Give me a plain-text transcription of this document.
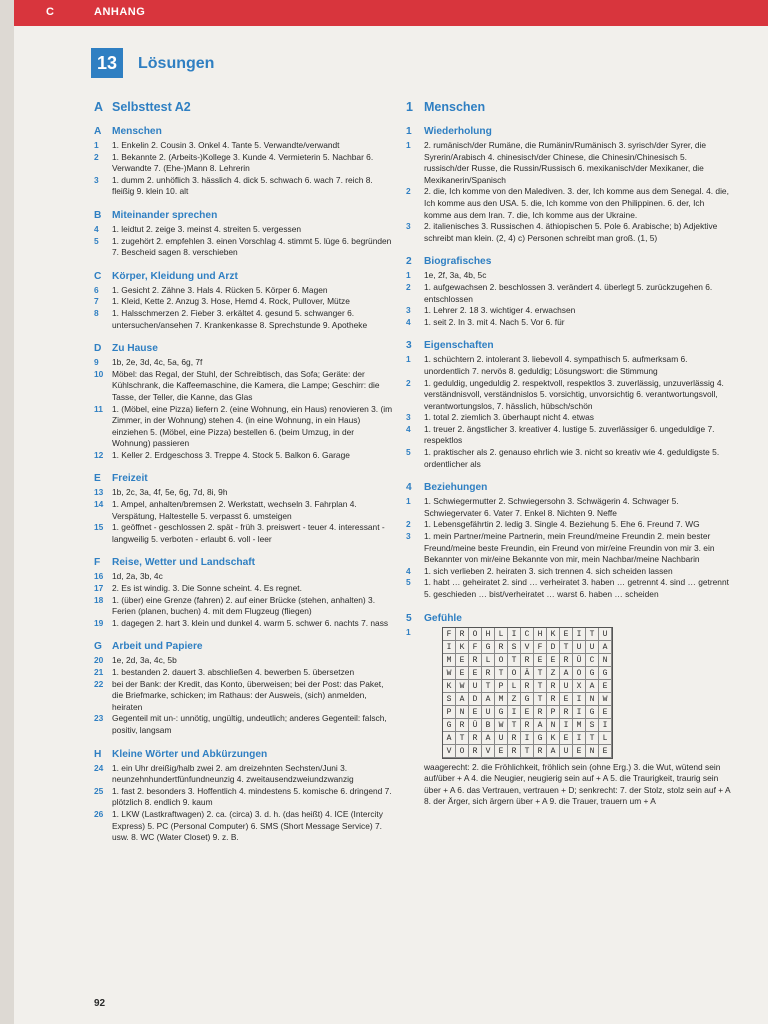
C	ANHANG
13	Lösungen
A Selbsttest A2
A Menschen
1 1. Enkelin 2. Cousin 3. Onkel 4. Tante 5. Verwandte/verwandt
2 1. Bekannte 2. (Arbeits-)Kollege 3. Kunde 4. Vermieterin 5. Nachbar 6. Verwandte 7. (Ehe-)Mann 8. Lehrerin
3 1. dumm 2. unhöflich 3. hässlich 4. dick 5. schwach 6. wach 7. reich 8. fleißig 9. klein 10. alt
B Miteinander sprechen
4 1. leidtut 2. zeige 3. meinst 4. streiten 5. vergessen
5 1. zugehört 2. empfehlen 3. einen Vorschlag 4. stimmt 5. lüge 6. begründen 7. Bescheid sagen 8. verschieben
C Körper, Kleidung und Arzt
6 1. Gesicht 2. Zähne 3. Hals 4. Rücken 5. Körper 6. Magen
7 1. Kleid, Kette 2. Anzug 3. Hose, Hemd 4. Rock, Pullover, Mütze
8 1. Halsschmerzen 2. Fieber 3. erkältet 4. gesund 5. schwanger 6. untersuchen/ansehen 7. Krankenkasse 8. Sprechstunde 9. Apotheke
D Zu Hause
9 1b, 2e, 3d, 4c, 5a, 6g, 7f
10 Möbel: das Regal, der Stuhl, der Schreibtisch, das Sofa; Geräte: der Kühlschrank, die Kaffeemaschine, die Kamera, die Lampe; Geschirr: die Tasse, der Teller, die Kanne, das Glas
11 1. (Möbel, eine Pizza) liefern 2. (eine Wohnung, ein Haus) renovieren 3. (im Zimmer, in der Wohnung) stehen 4. (in eine Wohnung, in ein Haus) einziehen 5. (Möbel, eine Pizza) bestellen 6. (beim Umzug, in der Wohnung) passieren
12 1. Keller 2. Erdgeschoss 3. Treppe 4. Stock 5. Balkon 6. Garage
E Freizeit
13 1b, 2c, 3a, 4f, 5e, 6g, 7d, 8i, 9h
14 1. Ampel, anhalten/bremsen 2. Werkstatt, wechseln 3. Fahrplan 4. Verspätung, Haltestelle 5. verpasst 6. umsteigen
15 1. geöffnet - geschlossen 2. spät - früh 3. preiswert - teuer 4. interessant - langweilig 5. verboten - erlaubt 6. voll - leer
F Reise, Wetter und Landschaft
16 1d, 2a, 3b, 4c
17 2. Es ist windig. 3. Die Sonne scheint. 4. Es regnet.
18 1. (über) eine Grenze (fahren) 2. auf einer Brücke (stehen, anhalten) 3. Ferien (planen, buchen) 4. mit dem Flugzeug (fliegen)
19 1. dagegen 2. hart 3. klein und dunkel 4. warm 5. schwer 6. nachts 7. nass
G Arbeit und Papiere
20 1e, 2d, 3a, 4c, 5b
21 1. bestanden 2. dauert 3. abschließen 4. bewerben 5. übersetzen
22 bei der Bank: der Kredit, das Konto, überweisen; bei der Post: das Paket, die Briefmarke, schicken; im Rathaus: der Ausweis, (sich) anmelden, heiraten
23 Gegenteil mit un-: unnötig, ungültig, undeutlich; anderes Gegenteil: falsch, positiv, langsam
H Kleine Wörter und Abkürzungen
24 1. ein Uhr dreißig/halb zwei 2. am dreizehnten Sechsten/Juni 3. neunzehnhundertfünfundneunzig 4. zweitausendzweiundzwanzig
25 1. fast 2. besonders 3. Hoffentlich 4. mindestens 5. komische 6. dringend 7. plötzlich 8. endlich 9. kaum
26 1. LKW (Lastkraftwagen) 2. ca. (circa) 3. d. h. (das heißt) 4. ICE (Intercity Express) 5. PC (Personal Computer) 6. SMS (Short Message Service) 7. usw. 8. WC (Water Closet) 9. z. B.
1 Menschen
1 Wiederholung
1 2. rumänisch/der Rumäne, die Rumänin/Rumänisch 3. syrisch/der Syrer, die Syrerin/Arabisch 4. chinesisch/der Chinese, die Chinesin/Chinesisch 5. russisch/der Russe, die Russin/Russisch 6. mexikanisch/der Mexikaner, die Mexikanerin/Spanisch
2 2. die, Ich komme von den Malediven. 3. der, Ich komme aus dem Senegal. 4. die, Ich komme aus den USA. 5. die, Ich komme von den Philippinen. 6. der, Ich komme aus dem Iran. 7. die, Ich komme aus der Ukraine.
3 2. italienisches 3. Russischen 4. äthiopischen 5. Pole 6. Arabische; b) Adjektive schreibt man klein. (2, 4) c) Personen schreibt man groß. (1, 5)
2 Biografisches
1 1e, 2f, 3a, 4b, 5c
2 1. aufgewachsen 2. beschlossen 3. verändert 4. überlegt 5. zurückzugehen 6. entschlossen
3 1. Lehrer 2. 18 3. wichtiger 4. erwachsen
4 1. seit 2. In 3. mit 4. Nach 5. Vor 6. für
3 Eigenschaften
1 1. schüchtern 2. intolerant 3. liebevoll 4. sympathisch 5. aufmerksam 6. unordentlich 7. nervös 8. geduldig; Lösungswort: die Stimmung
2 1. geduldig, ungeduldig 2. respektvoll, respektlos 3. zuverlässig, unzuverlässig 4. verständnisvoll, verständnislos 5. vorsichtig, unvorsichtig 6. verantwortungsvoll, verantwortungslos, 7. hässlich, hübsch/schön
3 1. total 2. ziemlich 3. überhaupt nicht 4. etwas
4 1. treuer 2. ängstlicher 3. kreativer 4. lustige 5. zuverlässiger 6. ungeduldige 7. respektlos
5 1. praktischer als 2. genauso ehrlich wie 3. nicht so kreativ wie 4. geduldigste 5. ordentlicher als
4 Beziehungen
1 1. Schwiegermutter 2. Schwiegersohn 3. Schwägerin 4. Schwager 5. Schwiegervater 6. Vater 7. Enkel 8. Nichten 9. Neffe
2 1. Lebensgefährtin 2. ledig 3. Single 4. Beziehung 5. Ehe 6. Freund 7. WG
3 1. mein Partner/meine Partnerin, mein Freund/meine Freundin 2. mein bester Freund/meine beste Freundin, ein Freund von mir/eine Freundin von mir 3. ein Bekannter von mir/eine Bekannte von mir, mein Nachbar/meine Nachbarin
4 1. sich verlieben 2. heiraten 3. sich trennen 4. sich scheiden lassen
5 1. habt … geheiratet 2. sind … verheiratet 3. haben … getrennt 4. sind … getrennt 5. geschieden … bist/verheiratet … warst 6. haben … scheiden
5 Gefühle
1	F	R	O	H	L	I	C	H	K	E	I	T	U
I	K	F	G	R	S	V	F	D	T	U	U	A
M	E	R	L	O	T	R	E	E	R	Ü	C	N
W	E	E	R	T	O	Ä	T	Z	A	O	G	G
K	W	U	T	P	L	R	T	R	U	X	A	E
S	A	D	A	M	Z	G	T	R	E	I	N	W
P	N	E	U	G	I	E	R	P	R	I	G	E
G	R	Ü	B	W	T	R	A	N	I	M	S	I
A	T	R	A	U	R	I	G	K	E	I	T	L
V	O	R	V	E	R	T	R	A	U	E	N	E
waagerecht: 2. die Fröhlichkeit, fröhlich sein (ohne Erg.) 3. die Wut, wütend sein auf/über + A 4. die Neugier, neugierig sein auf + A 5. die Traurigkeit, traurig sein über + A 6. das Vertrauen, vertrauen + D; senkrecht: 7. der Stolz, stolz sein auf + A 8. der Ärger, sich ärgern über + A 9. die Trauer, trauern um + A
92
